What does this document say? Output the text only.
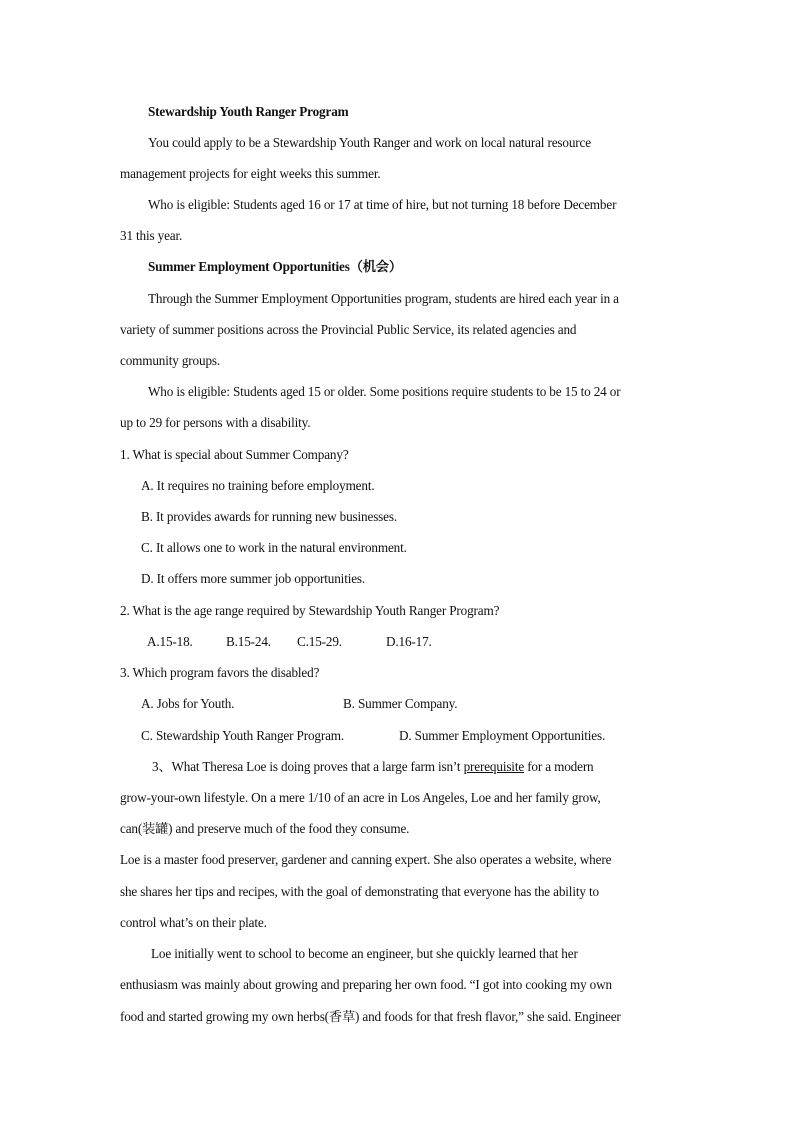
Stewardship Youth Ranger Program
You could apply to be a Stewardship Youth Ranger and work on local natural resource
management projects for eight weeks this summer.
Who is eligible: Students aged 16 or 17 at time of hire, but not turning 18 before December
31 this year.
Summer Employment Opportunities（机会）
Through the Summer Employment Opportunities program, students are hired each year in a
variety of summer positions across the Provincial Public Service, its related agencies and
community groups.
Who is eligible: Students aged 15 or older. Some positions require students to be 15 to 24 or
up to 29 for persons with a disability.
1. What is special about Summer Company?
A. It requires no training before employment.
B. It provides awards for running new businesses.
C. It allows one to work in the natural environment.
D. It offers more summer job opportunities.
2. What is the age range required by Stewardship Youth Ranger Program?
A.15-18.	B.15-24. C.15-29.	D.16-17.
3. Which program favors the disabled?
A. Jobs for Youth.	B. Summer Company.
C. Stewardship Youth Ranger Program.	D. Summer Employment Opportunities.
3、What Theresa Loe is doing proves that a large farm isn’t prerequisite for a modern
grow-your-own lifestyle. On a mere 1/10 of an acre in Los Angeles, Loe and her family grow,
can(装罐) and preserve much of the food they consume.
Loe is a master food preserver, gardener and canning expert. She also operates a website, where
she shares her tips and recipes, with the goal of demonstrating that everyone has the ability to
control what’s on their plate.
Loe initially went to school to become an engineer, but she quickly learned that her
enthusiasm was mainly about growing and preparing her own food. “I got into cooking my own
food and started growing my own herbs(香草) and foods for that fresh flavor,” she said. Engineer
